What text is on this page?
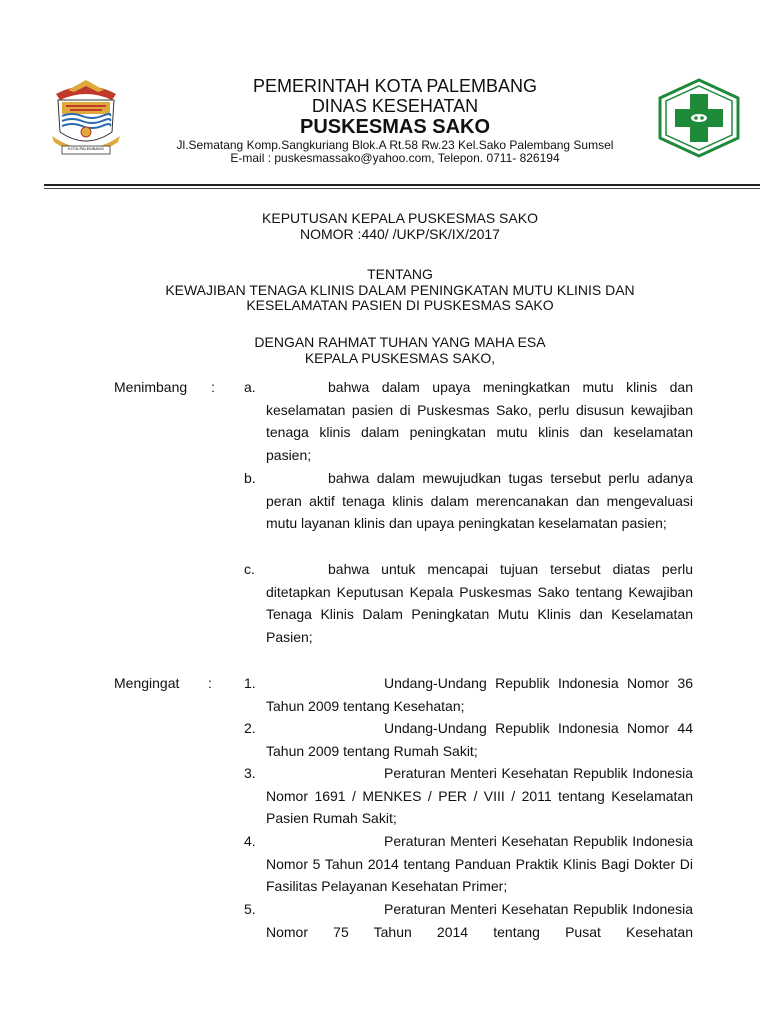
KOTA PALEMBANG
PEMERINTAH KOTA PALEMBANG
DINAS KESEHATAN
PUSKESMAS SAKO
Jl.Sematang Komp.Sangkuriang Blok.A Rt.58 Rw.23 Kel.Sako Palembang Sumsel
E-mail : puskesmassako@yahoo.com, Telepon. 0711- 826194
KEPUTUSAN KEPALA PUSKESMAS SAKO
NOMOR :440/ /UKP/SK/IX/2017
TENTANG
KEWAJIBAN TENAGA KLINIS DALAM PENINGKATAN MUTU KLINIS DAN
KESELAMATAN PASIEN DI PUSKESMAS SAKO
DENGAN RAHMAT TUHAN YANG MAHA ESA
KEPALA PUSKESMAS SAKO,
Menimbang : a.	bahwa dalam upaya meningkatkan mutu klinis dan keselamatan pasien di Puskesmas Sako, perlu disusun kewajiban tenaga klinis dalam peningkatan mutu klinis dan keselamatan pasien;

b.	bahwa dalam mewujudkan tugas tersebut perlu adanya peran aktif tenaga klinis dalam merencanakan dan mengevaluasi mutu layanan klinis dan upaya peningkatan keselamatan pasien;

c.	bahwa untuk mencapai tujuan tersebut diatas perlu ditetapkan Keputusan Kepala Puskesmas Sako tentang Kewajiban Tenaga Klinis Dalam Peningkatan Mutu Klinis dan Keselamatan Pasien;

Mengingat : 1.	Undang-Undang Republik Indonesia Nomor 36 Tahun 2009 tentang Kesehatan;

2.	Undang-Undang Republik Indonesia Nomor 44 Tahun 2009 tentang Rumah Sakit;

3.	Peraturan Menteri Kesehatan Republik Indonesia Nomor 1691 / MENKES / PER / VIII / 2011 tentang Keselamatan Pasien Rumah Sakit;

4.	Peraturan Menteri Kesehatan Republik Indonesia Nomor 5 Tahun 2014 tentang Panduan Praktik Klinis Bagi Dokter Di Fasilitas Pelayanan Kesehatan Primer;

5.	Peraturan Menteri Kesehatan Republik Indonesia Nomor 75 Tahun 2014 tentang Pusat Kesehatan
